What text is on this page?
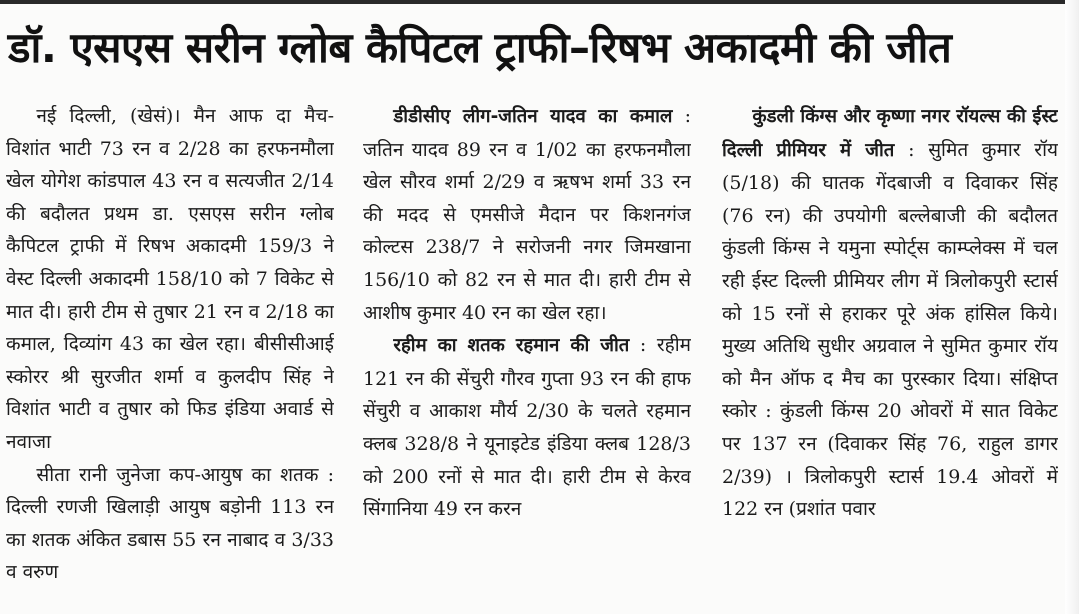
डॉ. एसएस सरीन ग्लोब कैपिटल ट्राफी–रिषभ अकादमी की जीत

नई दिल्ली, (खेसं)। मैन आफ दा मैच-विशांत भाटी 73 रन व 2/28 का हरफनमौला खेल योगेश कांडपाल 43 रन व सत्यजीत 2/14 की बदौलत प्रथम डा. एसएस सरीन ग्लोब कैपिटल ट्राफी में रिषभ अकादमी 159/3 ने वेस्ट दिल्ली अकादमी 158/10 को 7 विकेट से मात दी। हारी टीम से तुषार 21 रन व 2/18 का कमाल, दिव्यांग 43 का खेल रहा। बीसीसीआई स्कोरर श्री सुरजीत शर्मा व कुलदीप सिंह ने विशांत भाटी व तुषार को फिड इंडिया अवार्ड से नवाजा

सीता रानी जुनेजा कप-आयुष का शतक : दिल्ली रणजी खिलाड़ी आयुष बड़ोनी 113 रन का शतक अंकित डबास 55 रन नाबाद व 3/33 व वरुण

डीडीसीए लीग-जतिन यादव का कमाल : जतिन यादव 89 रन व 1/02 का हरफनमौला खेल सौरव शर्मा 2/29 व ऋषभ शर्मा 33 रन की मदद से एमसीजे मैदान पर किशनगंज कोल्टस 238/7 ने सरोजनी नगर जिमखाना 156/10 को 82 रन से मात दी। हारी टीम से आशीष कुमार 40 रन का खेल रहा।

रहीम का शतक रहमान की जीत : रहीम 121 रन की सेंचुरी गौरव गुप्ता 93 रन की हाफ सेंचुरी व आकाश मौर्य 2/30 के चलते रहमान क्लब 328/8 ने यूनाइटेड इंडिया क्लब 128/3 को 200 रनों से मात दी। हारी टीम से केरव सिंगानिया 49 रन करन

कुंडली किंग्स और कृष्णा नगर रॉयल्स की ईस्ट दिल्ली प्रीमियर में जीत : सुमित कुमार रॉय (5/18) की घातक गेंदबाजी व दिवाकर सिंह (76 रन) की उपयोगी बल्लेबाजी की बदौलत कुंडली किंग्स ने यमुना स्पोर्ट्स काम्प्लेक्स में चल रही ईस्ट दिल्ली प्रीमियर लीग में त्रिलोकपुरी स्टार्स को 15 रनों से हराकर पूरे अंक हांसिल किये। मुख्य अतिथि सुधीर अग्रवाल ने सुमित कुमार रॉय को मैन ऑफ द मैच का पुरस्कार दिया। संक्षिप्त स्कोर : कुंडली किंग्स 20 ओवरों में सात विकेट पर 137 रन (दिवाकर सिंह 76, राहुल डागर 2/39) । त्रिलोकपुरी स्टार्स 19.4 ओवरों में 122 रन (प्रशांत पवार
